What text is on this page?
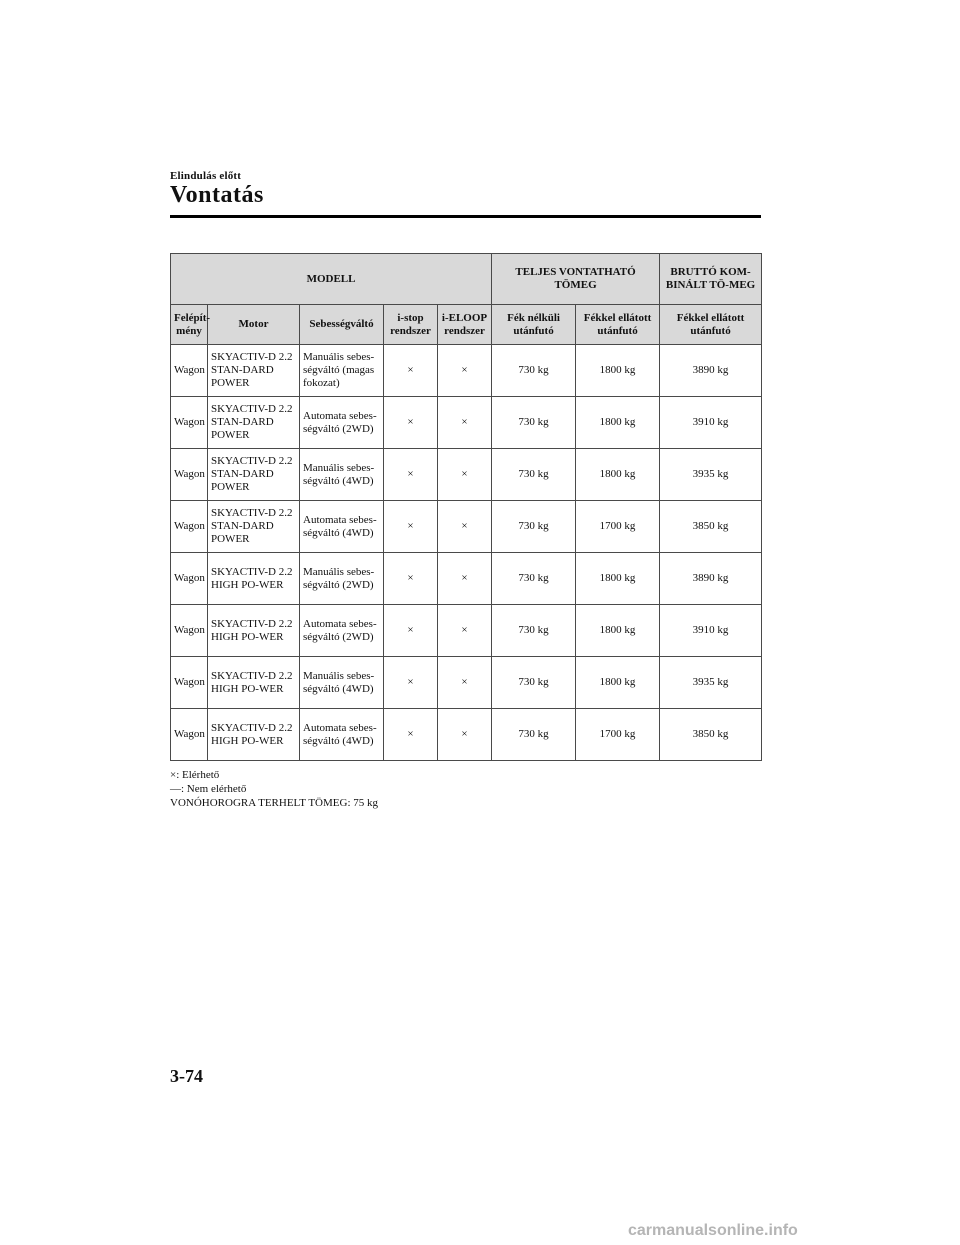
Elindulás előtt
Vontatás
MODELL					TELJES VONTATHATÓ TÖMEG		BRUTTÓ KOM-BINÁLT TÖ-MEG
Felépít-mény	Motor	Sebességváltó	i-stop rendszer	i-ELOOP rendszer	Fék nélküli utánfutó	Fékkel ellátott utánfutó	Fékkel ellátott utánfutó
Wagon	SKYACTIV-D 2.2 STAN-DARD POWER	Manuális sebes-ségváltó (magas fokozat)	×	×	730 kg	1800 kg	3890 kg
Wagon	SKYACTIV-D 2.2 STAN-DARD POWER	Automata sebes-ségváltó (2WD)	×	×	730 kg	1800 kg	3910 kg
Wagon	SKYACTIV-D 2.2 STAN-DARD POWER	Manuális sebes-ségváltó (4WD)	×	×	730 kg	1800 kg	3935 kg
Wagon	SKYACTIV-D 2.2 STAN-DARD POWER	Automata sebes-ségváltó (4WD)	×	×	730 kg	1700 kg	3850 kg
Wagon	SKYACTIV-D 2.2 HIGH PO-WER	Manuális sebes-ségváltó (2WD)	×	×	730 kg	1800 kg	3890 kg
Wagon	SKYACTIV-D 2.2 HIGH PO-WER	Automata sebes-ségváltó (2WD)	×	×	730 kg	1800 kg	3910 kg
Wagon	SKYACTIV-D 2.2 HIGH PO-WER	Manuális sebes-ségváltó (4WD)	×	×	730 kg	1800 kg	3935 kg
Wagon	SKYACTIV-D 2.2 HIGH PO-WER	Automata sebes-ségváltó (4WD)	×	×	730 kg	1700 kg	3850 kg
×: Elérhető
―: Nem elérhető
VONÓHOROGRA TERHELT TÖMEG: 75 kg
3-74
carmanualsonline.info
